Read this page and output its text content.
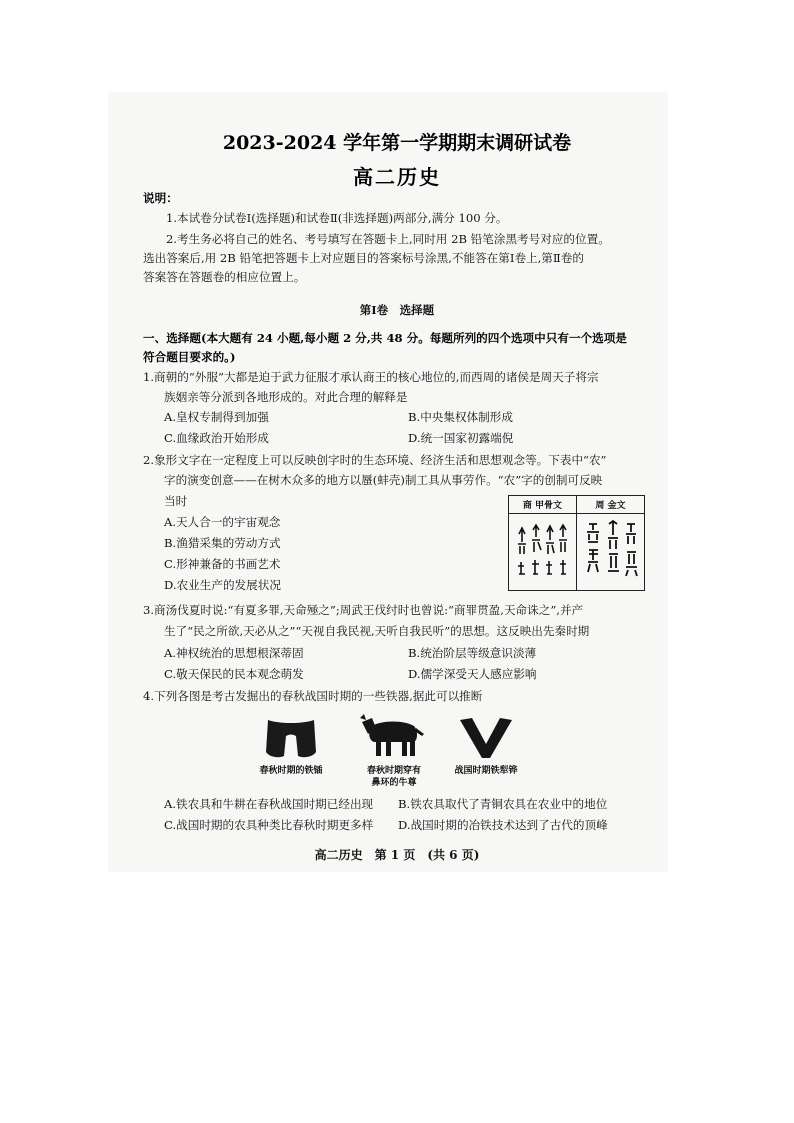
2023-2024 学年第一学期期末调研试卷
高二历史
说明：
1.本试卷分试卷Ⅰ(选择题)和试卷Ⅱ(非选择题)两部分,满分 100 分。
2.考生务必将自己的姓名、考号填写在答题卡上,同时用 2B 铅笔涂黑考号对应的位置。
选出答案后,用 2B 铅笔把答题卡上对应题目的答案标号涂黑,不能答在第Ⅰ卷上,第Ⅱ卷的
答案答在答题卷的相应位置上。
第Ⅰ卷　选择题
一、选择题(本大题有 24 小题,每小题 2 分,共 48 分。每题所列的四个选项中只有一个选项是
符合题目要求的。)
1.商朝的“外服”大都是迫于武力征服才承认商王的核心地位的,而西周的诸侯是周天子将宗
族姻亲等分派到各地形成的。对此合理的解释是
A.皇权专制得到加强	B.中央集权体制形成
C.血缘政治开始形成	D.统一国家初露端倪
2.象形文字在一定程度上可以反映创字时的生态环境、经济生活和思想观念等。下表中“农”
字的演变创意——在树木众多的地方以蜃(蚌壳)制工具从事劳作。“农”字的创制可反映
当时
A.天人合一的宇宙观念
B.渔猎采集的劳动方式
C.形神兼备的书画艺术
D.农业生产的发展状况
商 甲骨文	周 金文

3.商汤伐夏时说:“有夏多罪,天命殛之”;周武王伐纣时也曾说:“商罪贯盈,天命诛之”,并产
生了“民之所欲,天必从之”“天视自我民视,天听自我民听”的思想。这反映出先秦时期
A.神权统治的思想根深蒂固	B.统治阶层等级意识淡薄
C.敬天保民的民本观念萌发	D.儒学深受天人感应影响
4.下列各图是考古发掘出的春秋战国时期的一些铁器,据此可以推断
春秋时期的铁锸	春秋时期穿有
鼻环的牛尊
战国时期铁犁铧
A.铁农具和牛耕在春秋战国时期已经出现 B.铁农具取代了青铜农具在农业中的地位
C.战国时期的农具种类比春秋时期更多样 D.战国时期的冶铁技术达到了古代的顶峰
高二历史　第 1 页　(共 6 页)
